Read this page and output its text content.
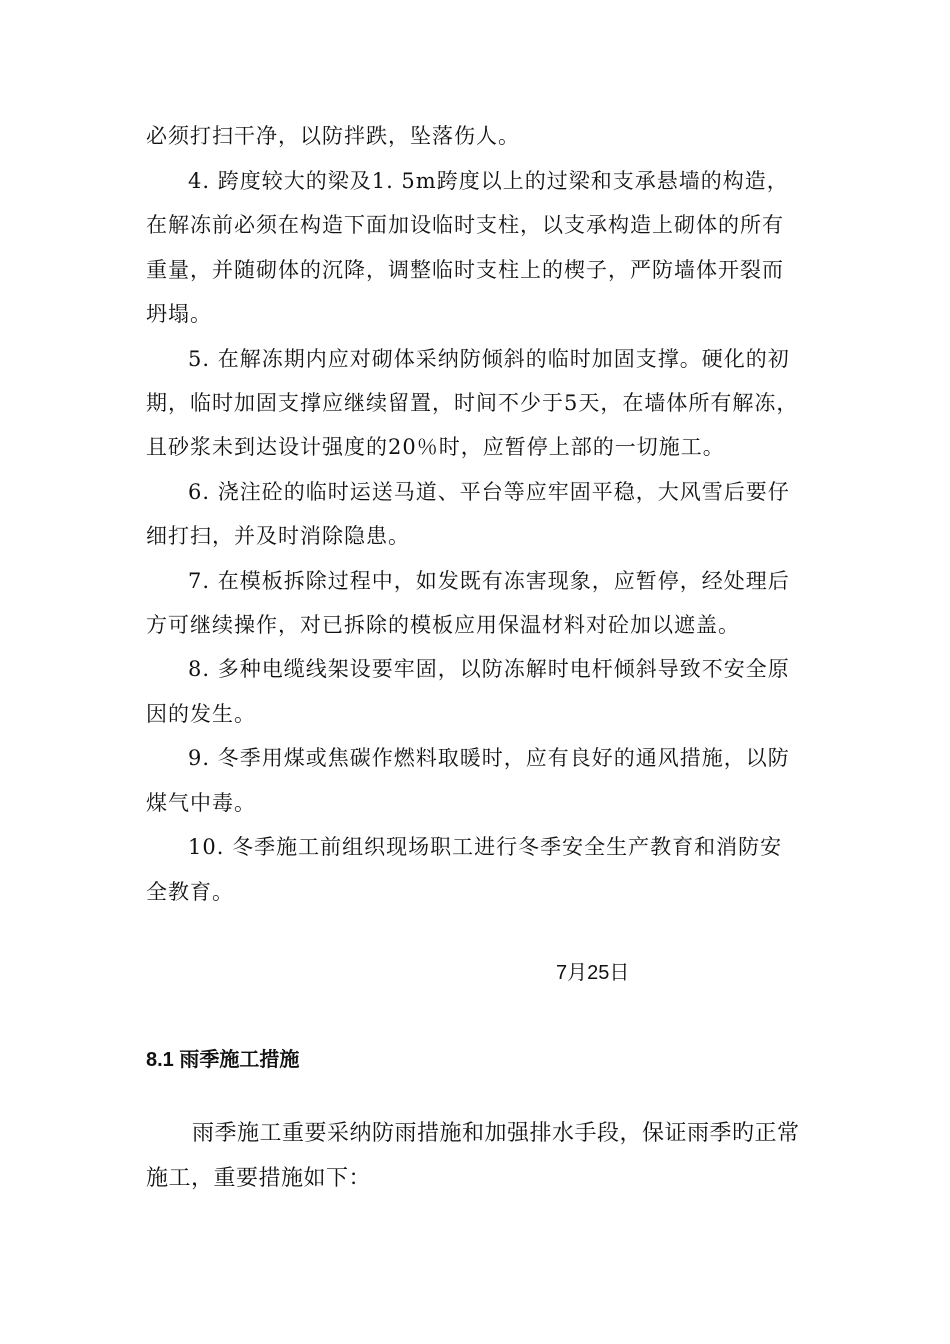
必须打扫干净，以防拌跌，坠落伤人。
4. 跨度较大的梁及1. 5m跨度以上的过梁和支承悬墙的构造，
在解冻前必须在构造下面加设临时支柱，以支承构造上砌体的所有
重量，并随砌体的沉降，调整临时支柱上的楔子，严防墙体开裂而
坍塌。
5. 在解冻期内应对砌体采纳防倾斜的临时加固支撑。硬化的初
期，临时加固支撑应继续留置，时间不少于5天，在墙体所有解冻，
且砂浆未到达设计强度的20％时，应暂停上部的一切施工。
6. 浇注砼的临时运送马道、平台等应牢固平稳，大风雪后要仔
细打扫，并及时消除隐患。
7. 在模板拆除过程中，如发既有冻害现象，应暂停，经处理后
方可继续操作，对已拆除的模板应用保温材料对砼加以遮盖。
8. 多种电缆线架设要牢固，以防冻解时电杆倾斜导致不安全原
因的发生。
9. 冬季用煤或焦碳作燃料取暖时，应有良好的通风措施，以防
煤气中毒。
10. 冬季施工前组织现场职工进行冬季安全生产教育和消防安
全教育。
7月25日
8.1 雨季施工措施
雨季施工重要采纳防雨措施和加强排水手段，保证雨季旳正常
施工，重要措施如下：
